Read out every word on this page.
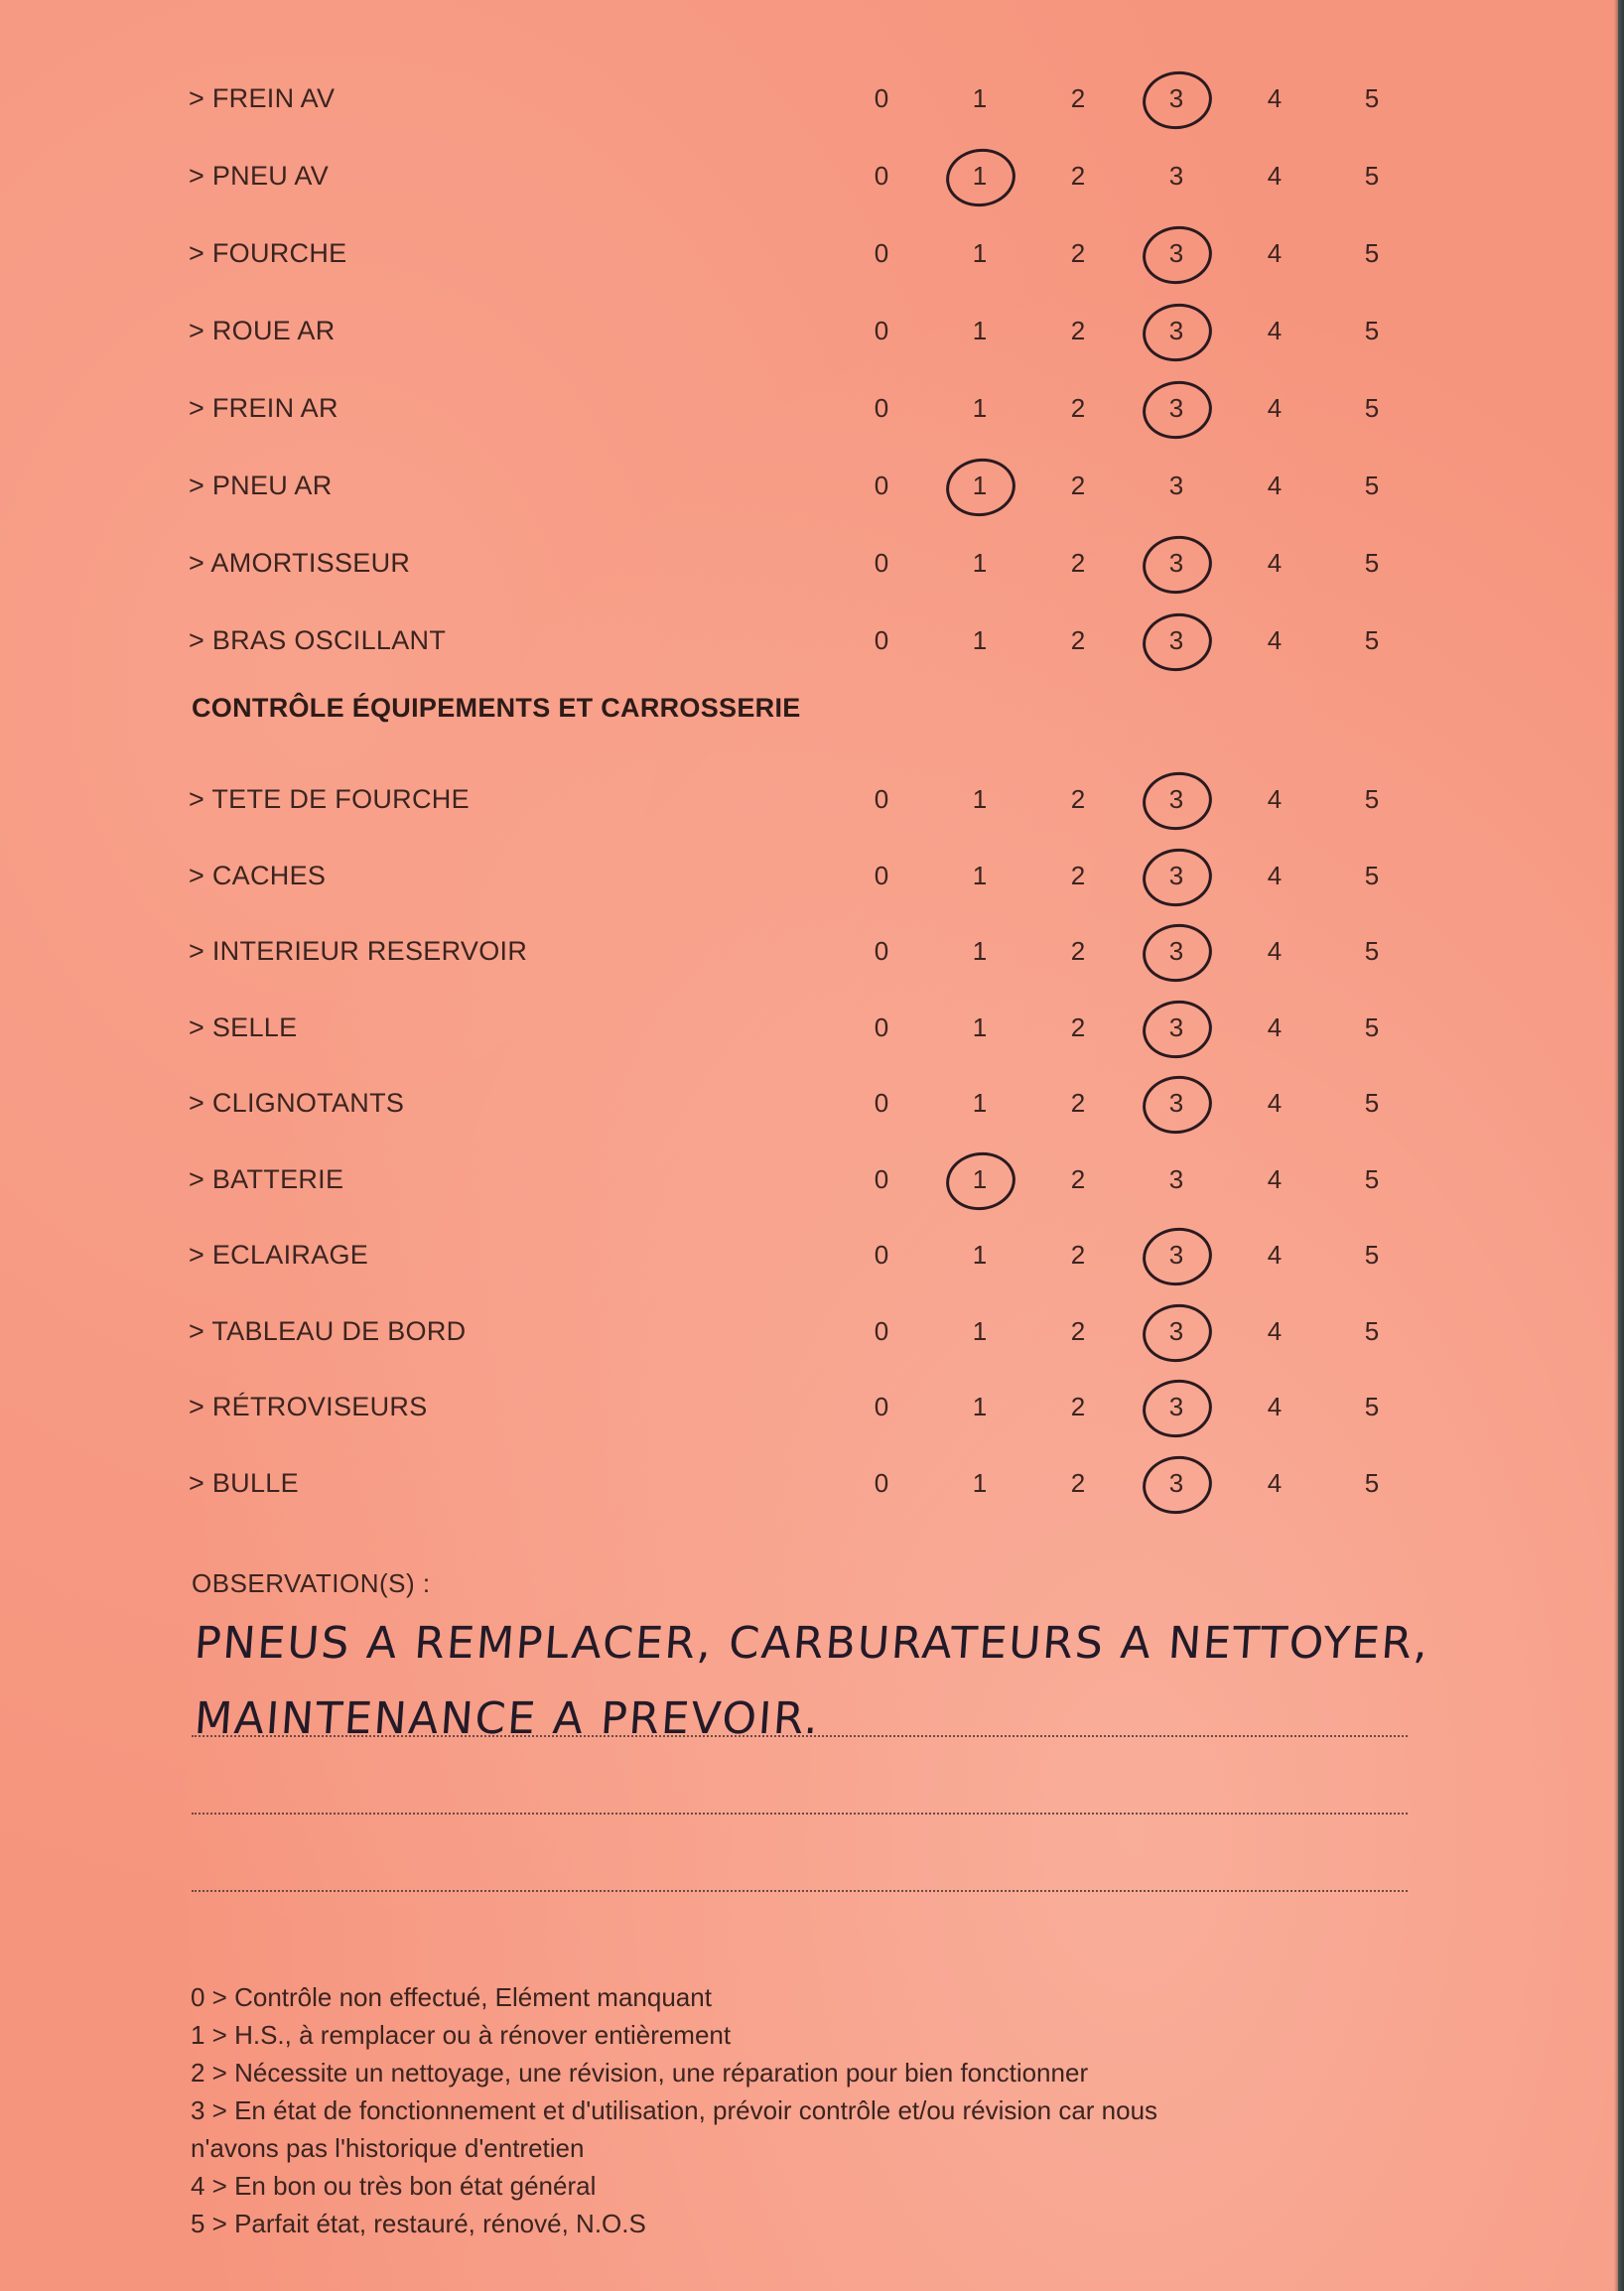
> FREIN AV	0	1	2	3	4	5
> PNEU AV	0	1	2	3	4	5
> FOURCHE	0	1	2	3	4	5
> ROUE AR	0	1	2	3	4	5
> FREIN AR	0	1	2	3	4	5
> PNEU AR	0	1	2	3	4	5
> AMORTISSEUR	0	1	2	3	4	5
> BRAS OSCILLANT	0	1	2	3	4	5
CONTRÔLE ÉQUIPEMENTS ET CARROSSERIE
> TETE DE FOURCHE	0	1	2	3	4	5
> CACHES	0	1	2	3	4	5
> INTERIEUR RESERVOIR	0	1	2	3	4	5
> SELLE	0	1	2	3	4	5
> CLIGNOTANTS	0	1	2	3	4	5
> BATTERIE	0	1	2	3	4	5
> ECLAIRAGE	0	1	2	3	4	5
> TABLEAU DE BORD	0	1	2	3	4	5
> RÉTROVISEURS	0	1	2	3	4	5
> BULLE	0	1	2	3	4	5
OBSERVATION(S) :
PNEUS A REMPLACER, CARBURATEURS A NETTOYER,
MAINTENANCE A PREVOIR.
0 > Contrôle non effectué, Elément manquant
1 > H.S., à remplacer ou à rénover entièrement
2 > Nécessite un nettoyage, une révision, une réparation pour bien fonctionner
3 > En état de fonctionnement et d'utilisation, prévoir contrôle et/ou révision car nous
n'avons pas l'historique d'entretien
4 > En bon ou très bon état général
5 > Parfait état, restauré, rénové, N.O.S
